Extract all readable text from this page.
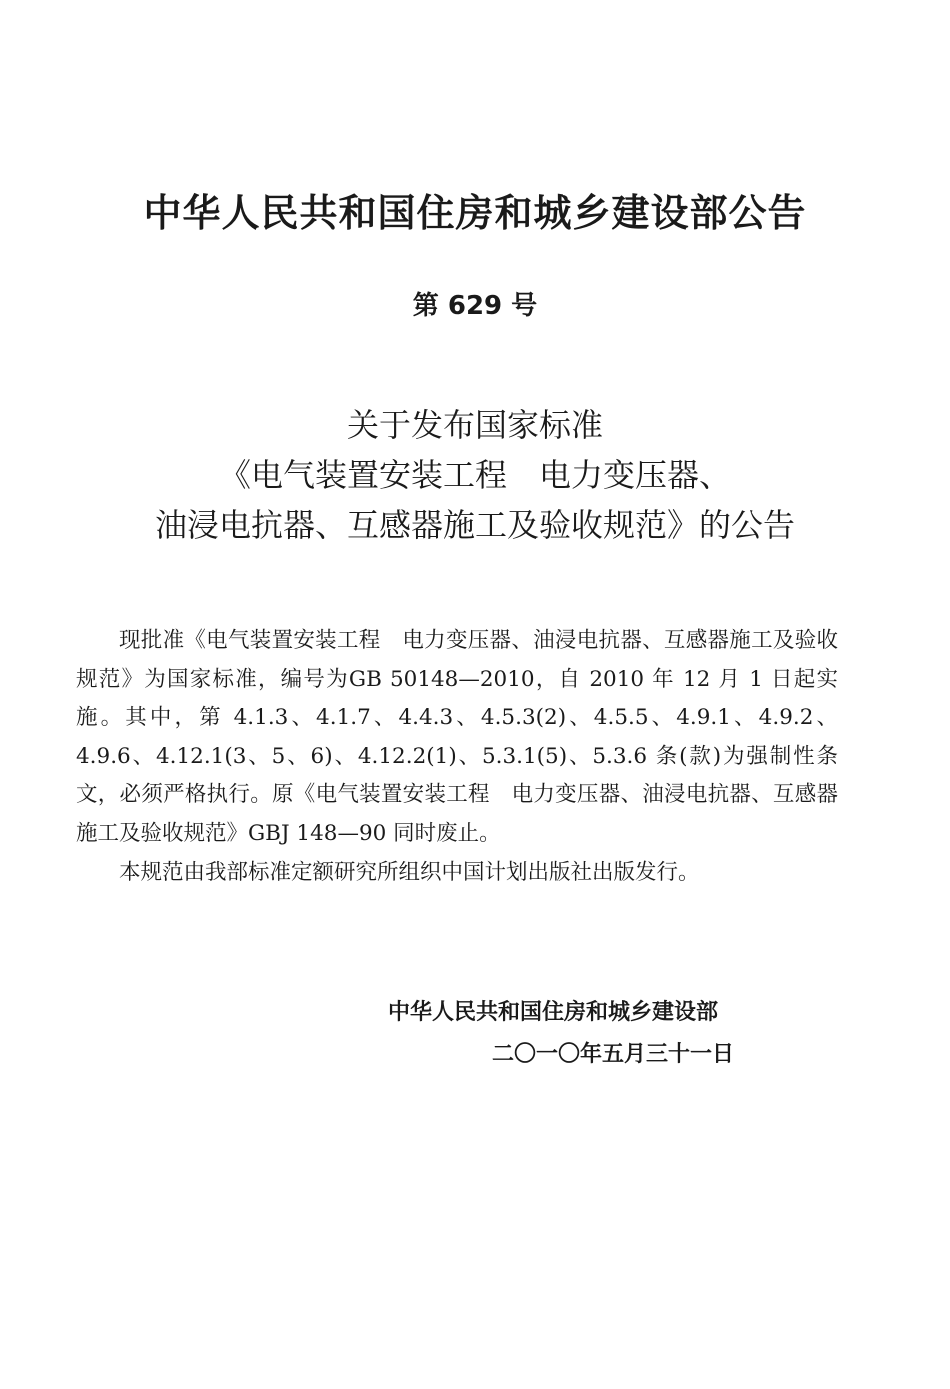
中华人民共和国住房和城乡建设部公告
第 629 号
关于发布国家标准
《电气装置安装工程　电力变压器、
油浸电抗器、互感器施工及验收规范》的公告

现批准《电气装置安装工程　电力变压器、油浸电抗器、互感器施工及验收规范》为国家标准，编号为GB 50148—2010，自 2010 年 12 月 1 日起实施。其中，第 4.1.3、4.1.7、4.4.3、4.5.3(2)、4.5.5、4.9.1、4.9.2、4.9.6、4.12.1(3、5、6)、4.12.2(1)、5.3.1(5)、5.3.6 条(款)为强制性条文，必须严格执行。原《电气装置安装工程　电力变压器、油浸电抗器、互感器施工及验收规范》GBJ 148—90 同时废止。

本规范由我部标准定额研究所组织中国计划出版社出版发行。

中华人民共和国住房和城乡建设部
二〇一〇年五月三十一日
